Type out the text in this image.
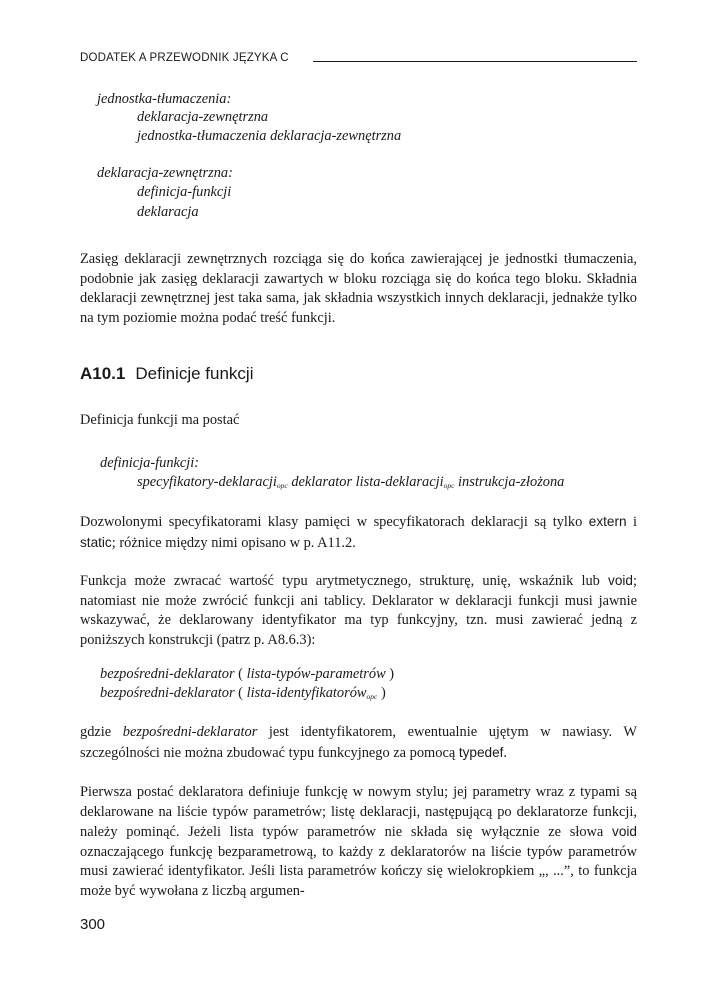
DODATEK A PRZEWODNIK JĘZYKA C
jednostka-tłumaczenia:
deklaracja-zewnętrzna
jednostka-tłumaczenia deklaracja-zewnętrzna
deklaracja-zewnętrzna:
definicja-funkcji
deklaracja

Zasięg deklaracji zewnętrznych rozciąga się do końca zawierającej je jednostki tłumaczenia, podobnie jak zasięg deklaracji zawartych w bloku rozciąga się do końca tego bloku. Składnia deklaracji zewnętrznej jest taka sama, jak składnia wszystkich innych deklaracji, jednakże tylko na tym poziomie można podać treść funkcji.

A10.1 Definicje funkcji

Definicja funkcji ma postać

definicja-funkcji:
specyfikatory-deklaracji$_{opc}$ deklarator lista-deklaracji$_{opc}$ instrukcja-złożona

Dozwolonymi specyfikatorami klasy pamięci w specyfikatorach deklaracji są tylko extern i static; różnice między nimi opisano w p. A11.2.

Funkcja może zwracać wartość typu arytmetycznego, strukturę, unię, wskaźnik lub void; natomiast nie może zwrócić funkcji ani tablicy. Deklarator w deklaracji funkcji musi jawnie wskazywać, że deklarowany identyfikator ma typ funkcyjny, tzn. musi zawierać jedną z poniższych konstrukcji (patrz p. A8.6.3):

bezpośredni-deklarator ( lista-typów-parametrów )
bezpośredni-deklarator ( lista-identyfikatorów$_{opc}$ )

gdzie bezpośredni-deklarator jest identyfikatorem, ewentualnie ujętym w nawiasy. W szczególności nie można zbudować typu funkcyjnego za pomocą typedef.

Pierwsza postać deklaratora definiuje funkcję w nowym stylu; jej parametry wraz z typami są deklarowane na liście typów parametrów; listę deklaracji, następującą po deklaratorze funkcji, należy pominąć. Jeżeli lista typów parametrów nie składa się wyłącznie ze słowa void oznaczającego funkcję bezparametrową, to każdy z deklaratorów na liście typów parametrów musi zawierać identyfikator. Jeśli lista parametrów kończy się wielokropkiem „, ...”, to funkcja może być wywołana z liczbą argumen-

300
